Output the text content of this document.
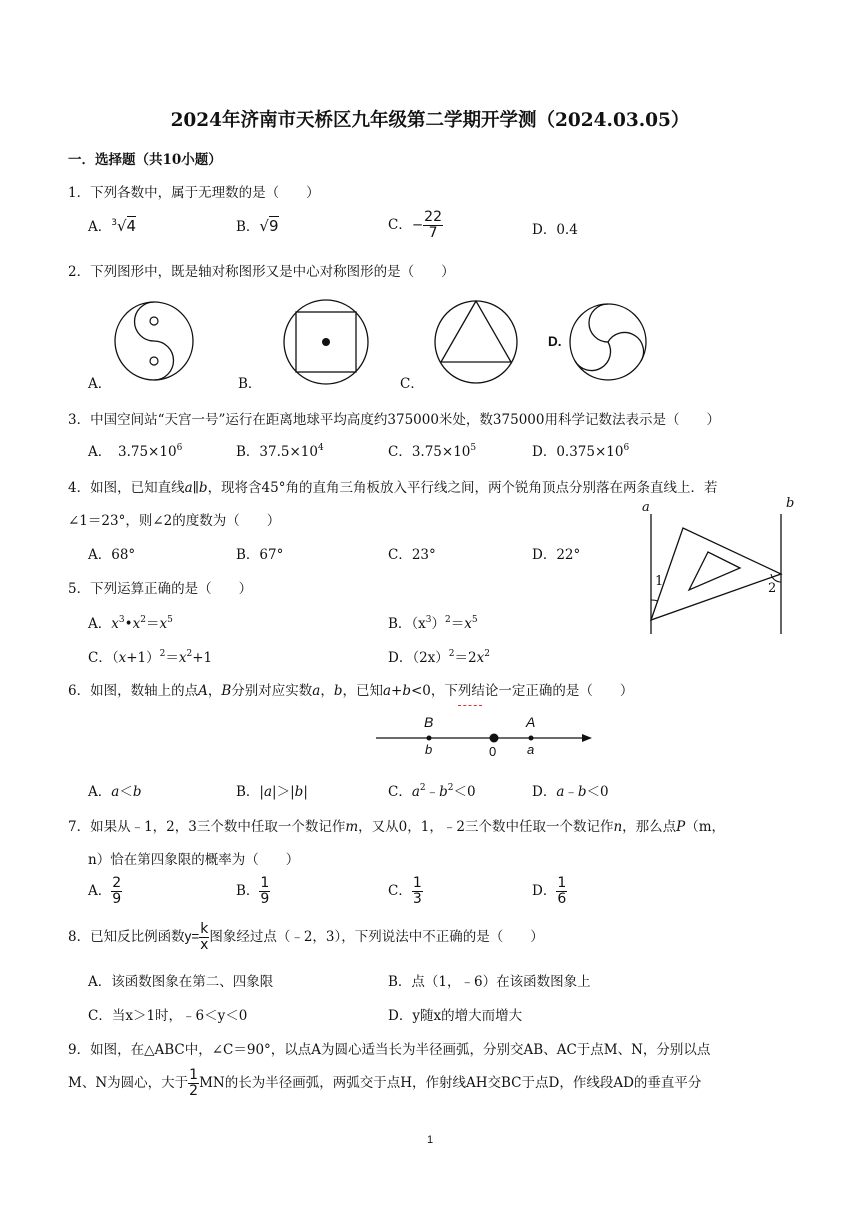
2024年济南市天桥区九年级第二学期开学测（2024.03.05）
一．选择题（共10小题）
1．下列各数中，属于无理数的是（　　）
A．$^3$√4	B．√9	C．− $\frac{22}{7}$	D．0.4
2．下列图形中，既是轴对称图形又是中心对称图形的是（　　）
A．	B．	C．
D.
3．中国空间站“天宫一号”运行在距离地球平均高度约375000米处，数375000用科学记数法表示是（　　）
A．　$3.75\times 10^6$	B．$37.5\times 10^4$	C．$3.75\times 10^5$	D．$0.375\times 10^6$
4．如图，已知直线a∥b，现将含45°角的直角三角板放入平行线之间，两个锐角顶点分别落在两条直线上．若
∠1＝23°，则∠2的度数为（　　）
A．68°	B．67°	C．23°	D．22°
a	b
1	2
5．下列运算正确的是（　　）
A．$x^3•x^2=x^5$	B．$(x^3)^2=x^5$
C．$(x+1)^2=x^2+1$	D．$(2x)^2=2x^2$
6．如图，数轴上的点A，B分别对应实数a，b，已知a+b<0，下列结论一定正确的是（　　）
B
b	0
A
a
A．a＜b	B．|a|＞|b|	C．$a^2﹣b^2<0$	D．a﹣b＜0
7．如果从﹣1，2，3三个数中任取一个数记作m，又从0，1，﹣2三个数中任取一个数记作n，那么点P（m，
n）恰在第四象限的概率为（　　）
A． $\frac{2}{9}$	B． $\frac{1}{9}$	C． $\frac{1}{3}$	D． $\frac{1}{6}$
8．已知反比例函数$y= \frac{k}{x}$ 图象经过点（﹣2，3），下列说法中不正确的是（　　）
A．该函数图象在第二、四象限	B．点（1，﹣6）在该函数图象上
C．当x＞1时，﹣6＜y＜0	D．y随x的增大而增大
9．如图，在△ABC中，∠C＝90°，以点A为圆心适当长为半径画弧，分别交AB、AC于点M、N，分别以点
M、N为圆心，大于 $\frac{1}{2}$ MN的长为半径画弧，两弧交于点H，作射线AH交BC于点D，作线段AD的垂直平分
1
